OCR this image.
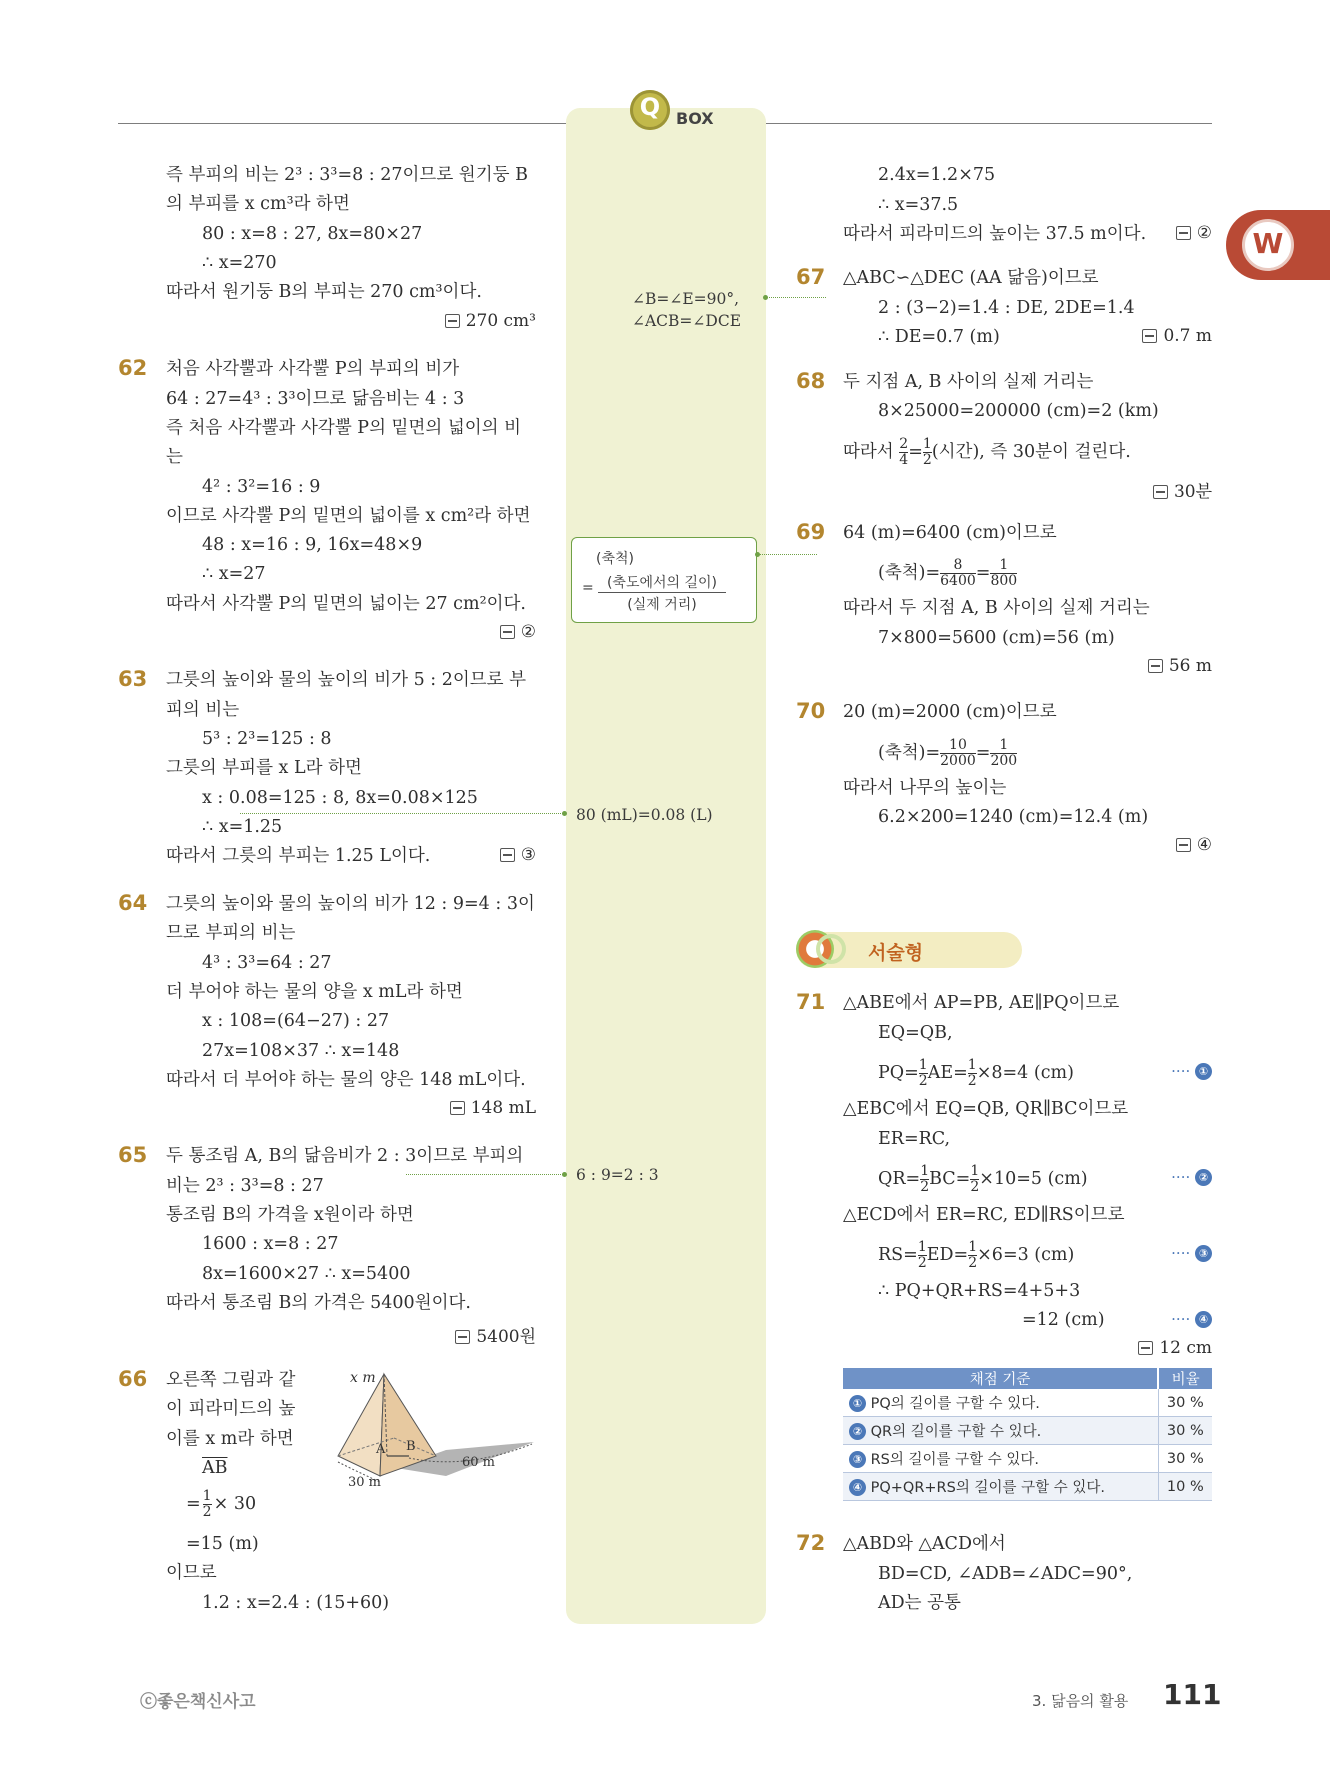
Q BOX
W
즉 부피의 비는 2³ : 3³=8 : 27이므로 원기둥 B
의 부피를 x cm³라 하면
80 : x=8 : 27, 8x=80×27
∴ x=270
따라서 원기둥 B의 부피는 270 cm³이다.
270 cm³
62 처음 사각뿔과 사각뿔 P의 부피의 비가
64 : 27=4³ : 3³이므로 닮음비는 4 : 3
즉 처음 사각뿔과 사각뿔 P의 밑면의 넓이의 비
는
4² : 3²=16 : 9
이므로 사각뿔 P의 밑면의 넓이를 x cm²라 하면
48 : x=16 : 9, 16x=48×9
∴ x=27
따라서 사각뿔 P의 밑면의 넓이는 27 cm²이다.
②
63 그릇의 높이와 물의 높이의 비가 5 : 2이므로 부
피의 비는
5³ : 2³=125 : 8
그릇의 부피를 x L라 하면
x : 0.08=125 : 8, 8x=0.08×125
∴ x=1.25
따라서 그릇의 부피는 1.25 L이다.	③
64 그릇의 높이와 물의 높이의 비가 12 : 9=4 : 3이
므로 부피의 비는
4³ : 3³=64 : 27
더 부어야 하는 물의 양을 x mL라 하면
x : 108=(64−27) : 27
27x=108×37 ∴ x=148
따라서 더 부어야 하는 물의 양은 148 mL이다.
148 mL
65 두 통조림 A, B의 닮음비가 2 : 3이므로 부피의
비는 2³ : 3³=8 : 27
통조림 B의 가격을 x원이라 하면
1600 : x=8 : 27
8x=1600×27 ∴ x=5400
따라서 통조림 B의 가격은 5400원이다.
5400원
66 오른쪽 그림과 같
이 피라미드의 높
이를 x m라 하면
$\overline{AB}$
= $\frac{1}{2} \times 30$
=15 (m)
이므로
1.2 : x=2.4 : (15+60)
x m
A B
30 m
60 m
∠B=∠E=90°,
∠ACB=∠DCE
(축척)
= (축도에서의 길이)
(실제 거리)
80 (mL)=0.08 (L)
6 : 9=2 : 3
2.4x=1.2×75
∴ x=37.5
따라서 피라미드의 높이는 37.5 m이다.	②
67 △ABC∽△DEC (AA 닮음)이므로
2 : (3−2)=1.4 : DE, 2DE=1.4
∴ DE=0.7 (m)	0.7 m
68 두 지점 A, B 사이의 실제 거리는
8×25000=200000 (cm)=2 (km)
따라서 $\frac{2}{4} = \frac{1}{2}$ (시간), 즉 30분이 걸린다.
30분
69 64 (m)=6400 (cm)이므로
(축척)= $\frac{8}{6400} = \frac{1}{800}$
따라서 두 지점 A, B 사이의 실제 거리는
7×800=5600 (cm)=56 (m)
56 m
70 20 (m)=2000 (cm)이므로
(축척)= $\frac{10}{2000} = \frac{1}{200}$
따라서 나무의 높이는
6.2×200=1240 (cm)=12.4 (m)
④
서술형
71 △ABE에서 AP=PB, AE∥PQ이므로
EQ=QB,
$PQ= \frac{1}{2} AE= \frac{1}{2} \times 8=4$ (cm)	···· ①
△EBC에서 EQ=QB, QR∥BC이므로
ER=RC,
$QR= \frac{1}{2} BC= \frac{1}{2} \times 10=5$ (cm)	···· ②
△ECD에서 ER=RC, ED∥RS이므로
$RS= \frac{1}{2} ED= \frac{1}{2} \times 6=3$ (cm)	···· ③
∴ PQ+QR+RS=4+5+3
=12 (cm)	···· ④
12 cm
채점 기준	비율
① PQ의 길이를 구할 수 있다.	30 %
② QR의 길이를 구할 수 있다.	30 %
③ RS의 길이를 구할 수 있다.	30 %
④ PQ+QR+RS의 길이를 구할 수 있다.	10 %
72 △ABD와 △ACD에서
BD=CD, ∠ADB=∠ADC=90°,
AD는 공통
ⓒ좋은책신사고	3. 닮음의 활용 111
